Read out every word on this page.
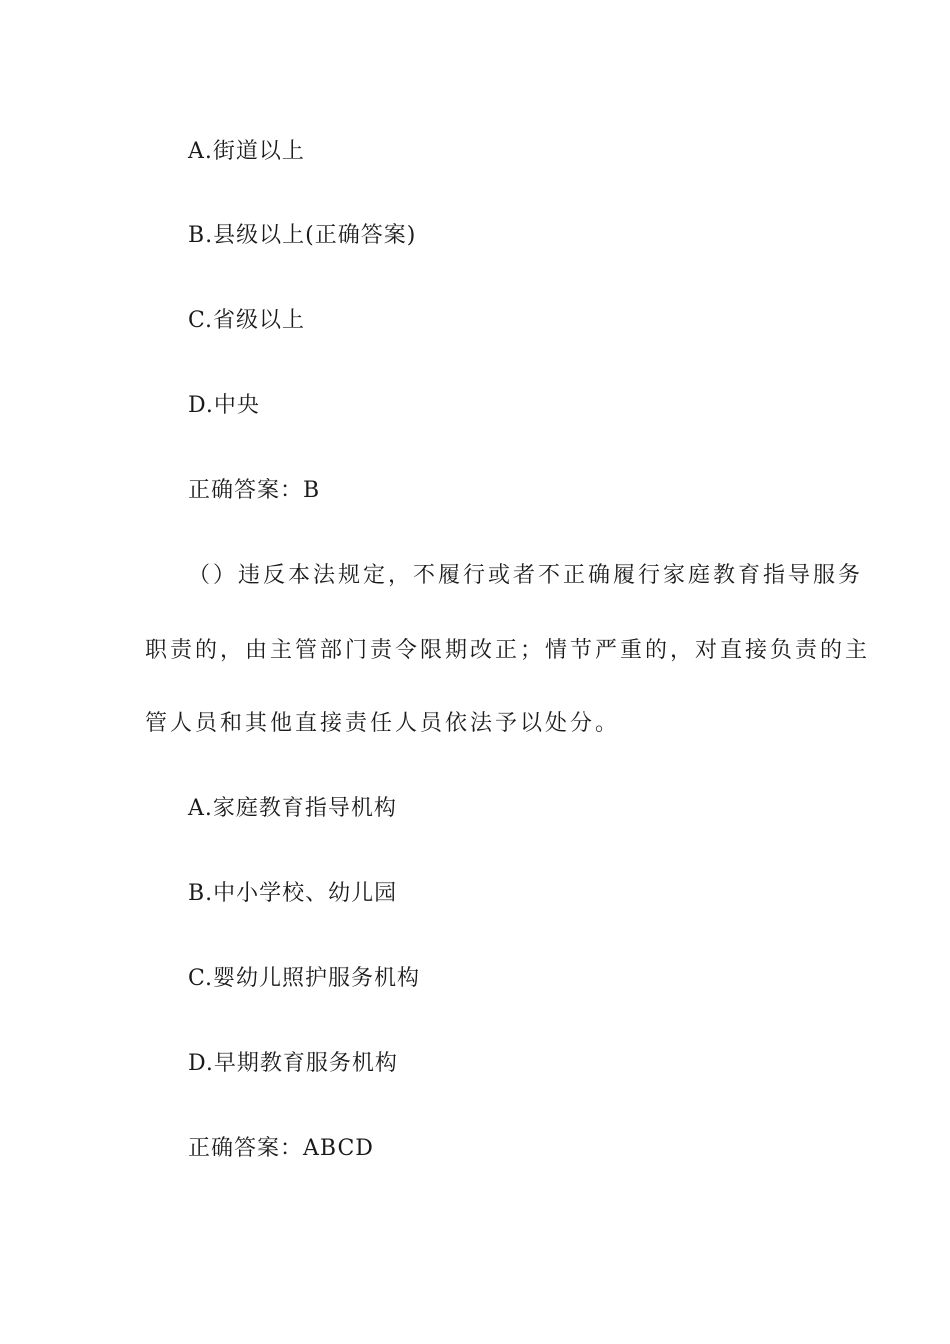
A.街道以上
B.县级以上(正确答案)
C.省级以上
D.中央
正确答案：B
（）违反本法规定，不履行或者不正确履行家庭教育指导服务
职责的，由主管部门责令限期改正；情节严重的，对直接负责的主
管人员和其他直接责任人员依法予以处分。
A.家庭教育指导机构
B.中小学校、幼儿园
C.婴幼儿照护服务机构
D.早期教育服务机构
正确答案：ABCD
